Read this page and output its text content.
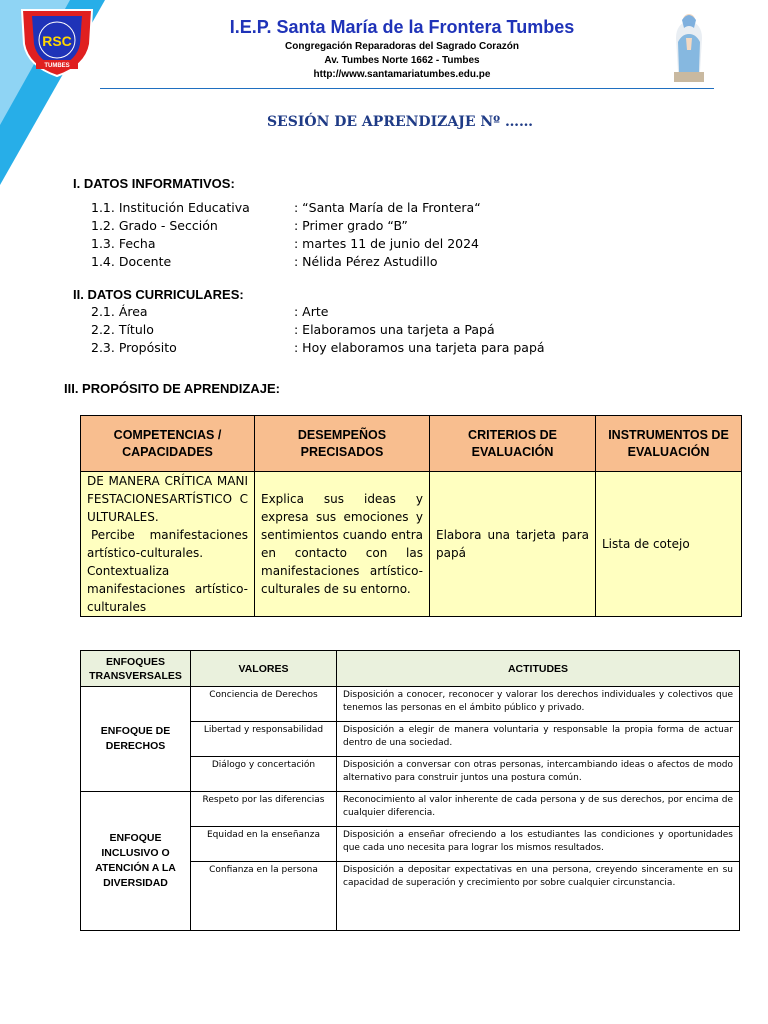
RSC
TUMBES
I.E.P. Santa María de la Frontera Tumbes
Congregación Reparadoras del Sagrado Corazón
Av. Tumbes Norte 1662 - Tumbes
http://www.santamariatumbes.edu.pe
SESIÓN DE APRENDIZAJE Nº ……
I. DATOS INFORMATIVOS:
1.1. Institución Educativa	: “Santa María de la Frontera“
1.2. Grado - Sección	: Primer grado “B”
1.3. Fecha	: martes 11 de junio del 2024
1.4. Docente	: Nélida Pérez Astudillo
II. DATOS CURRICULARES:
2.1. Área	: Arte
2.2. Título	: Elaboramos una tarjeta a Papá
2.3. Propósito	: Hoy elaboramos una tarjeta para papá
III. PROPÓSITO DE APRENDIZAJE:
COMPETENCIAS / CAPACIDADES	DESEMPEÑOS PRECISADOS	CRITERIOS DE EVALUACIÓN	INSTRUMENTOS DE EVALUACIÓN

DE MANERA CRÍTICA MANIFESTACIONESARTÍSTICO CULTURALES.
Percibe manifestaciones artístico-culturales.
Contextualiza manifestaciones artístico-culturales	Explica sus ideas y expresa sus emociones y sentimientos cuando entra en contacto con las manifestaciones artístico-culturales de su entorno.	Elabora una tarjeta para papá	Lista de cotejo
ENFOQUES TRANSVERSALES	VALORES	ACTITUDES
ENFOQUE DE DERECHOS	Conciencia de Derechos	Disposición a conocer, reconocer y valorar los derechos individuales y colectivos que tenemos las personas en el ámbito público y privado.
	Libertad y responsabilidad	Disposición a elegir de manera voluntaria y responsable la propia forma de actuar dentro de una sociedad.
	Diálogo y concertación	Disposición a conversar con otras personas, intercambiando ideas o afectos de modo alternativo para construir juntos una postura común.
ENFOQUE INCLUSIVO O ATENCIÓN A LA DIVERSIDAD	Respeto por las diferencias	Reconocimiento al valor inherente de cada persona y de sus derechos, por encima de cualquier diferencia.
	Equidad en la enseñanza	Disposición a enseñar ofreciendo a los estudiantes las condiciones y oportunidades que cada uno necesita para lograr los mismos resultados.
	Confianza en la persona	Disposición a depositar expectativas en una persona, creyendo sinceramente en su capacidad de superación y crecimiento por sobre cualquier circunstancia.
